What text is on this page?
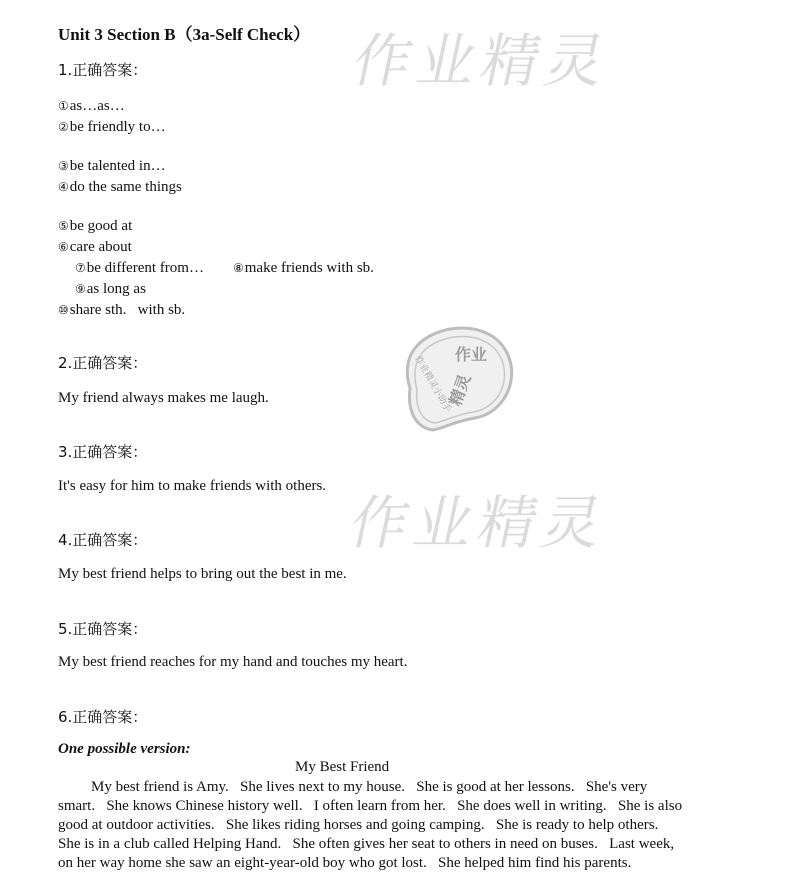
作业精灵
作业精灵
作业
作业精灵小助手
精灵
Unit 3 Section B（3a-Self Check）
1.正确答案：
①as…as…
②be friendly to…
③be talented in…
④do the same things
⑤be good at
⑥care about
⑦be different from… ⑧make friends with sb.
⑨as long as
⑩share sth.   with sb.
2.正确答案：
My friend always makes me laugh.
3.正确答案：
It's easy for him to make friends with others.
4.正确答案：
My best friend helps to bring out the best in me.
5.正确答案：
My best friend reaches for my hand and touches my heart.
6.正确答案：
One possible version:
My Best Friend
My best friend is Amy.   She lives next to my house.   She is good at her lessons.   She's very
smart.   She knows Chinese history well.   I often learn from her.   She does well in writing.   She is also
good at outdoor activities.   She likes riding horses and going camping.   She is ready to help others.
She is in a club called Helping Hand.   She often gives her seat to others in need on buses.   Last week,
on her way home she saw an eight-year-old boy who got lost.   She helped him find his parents.
